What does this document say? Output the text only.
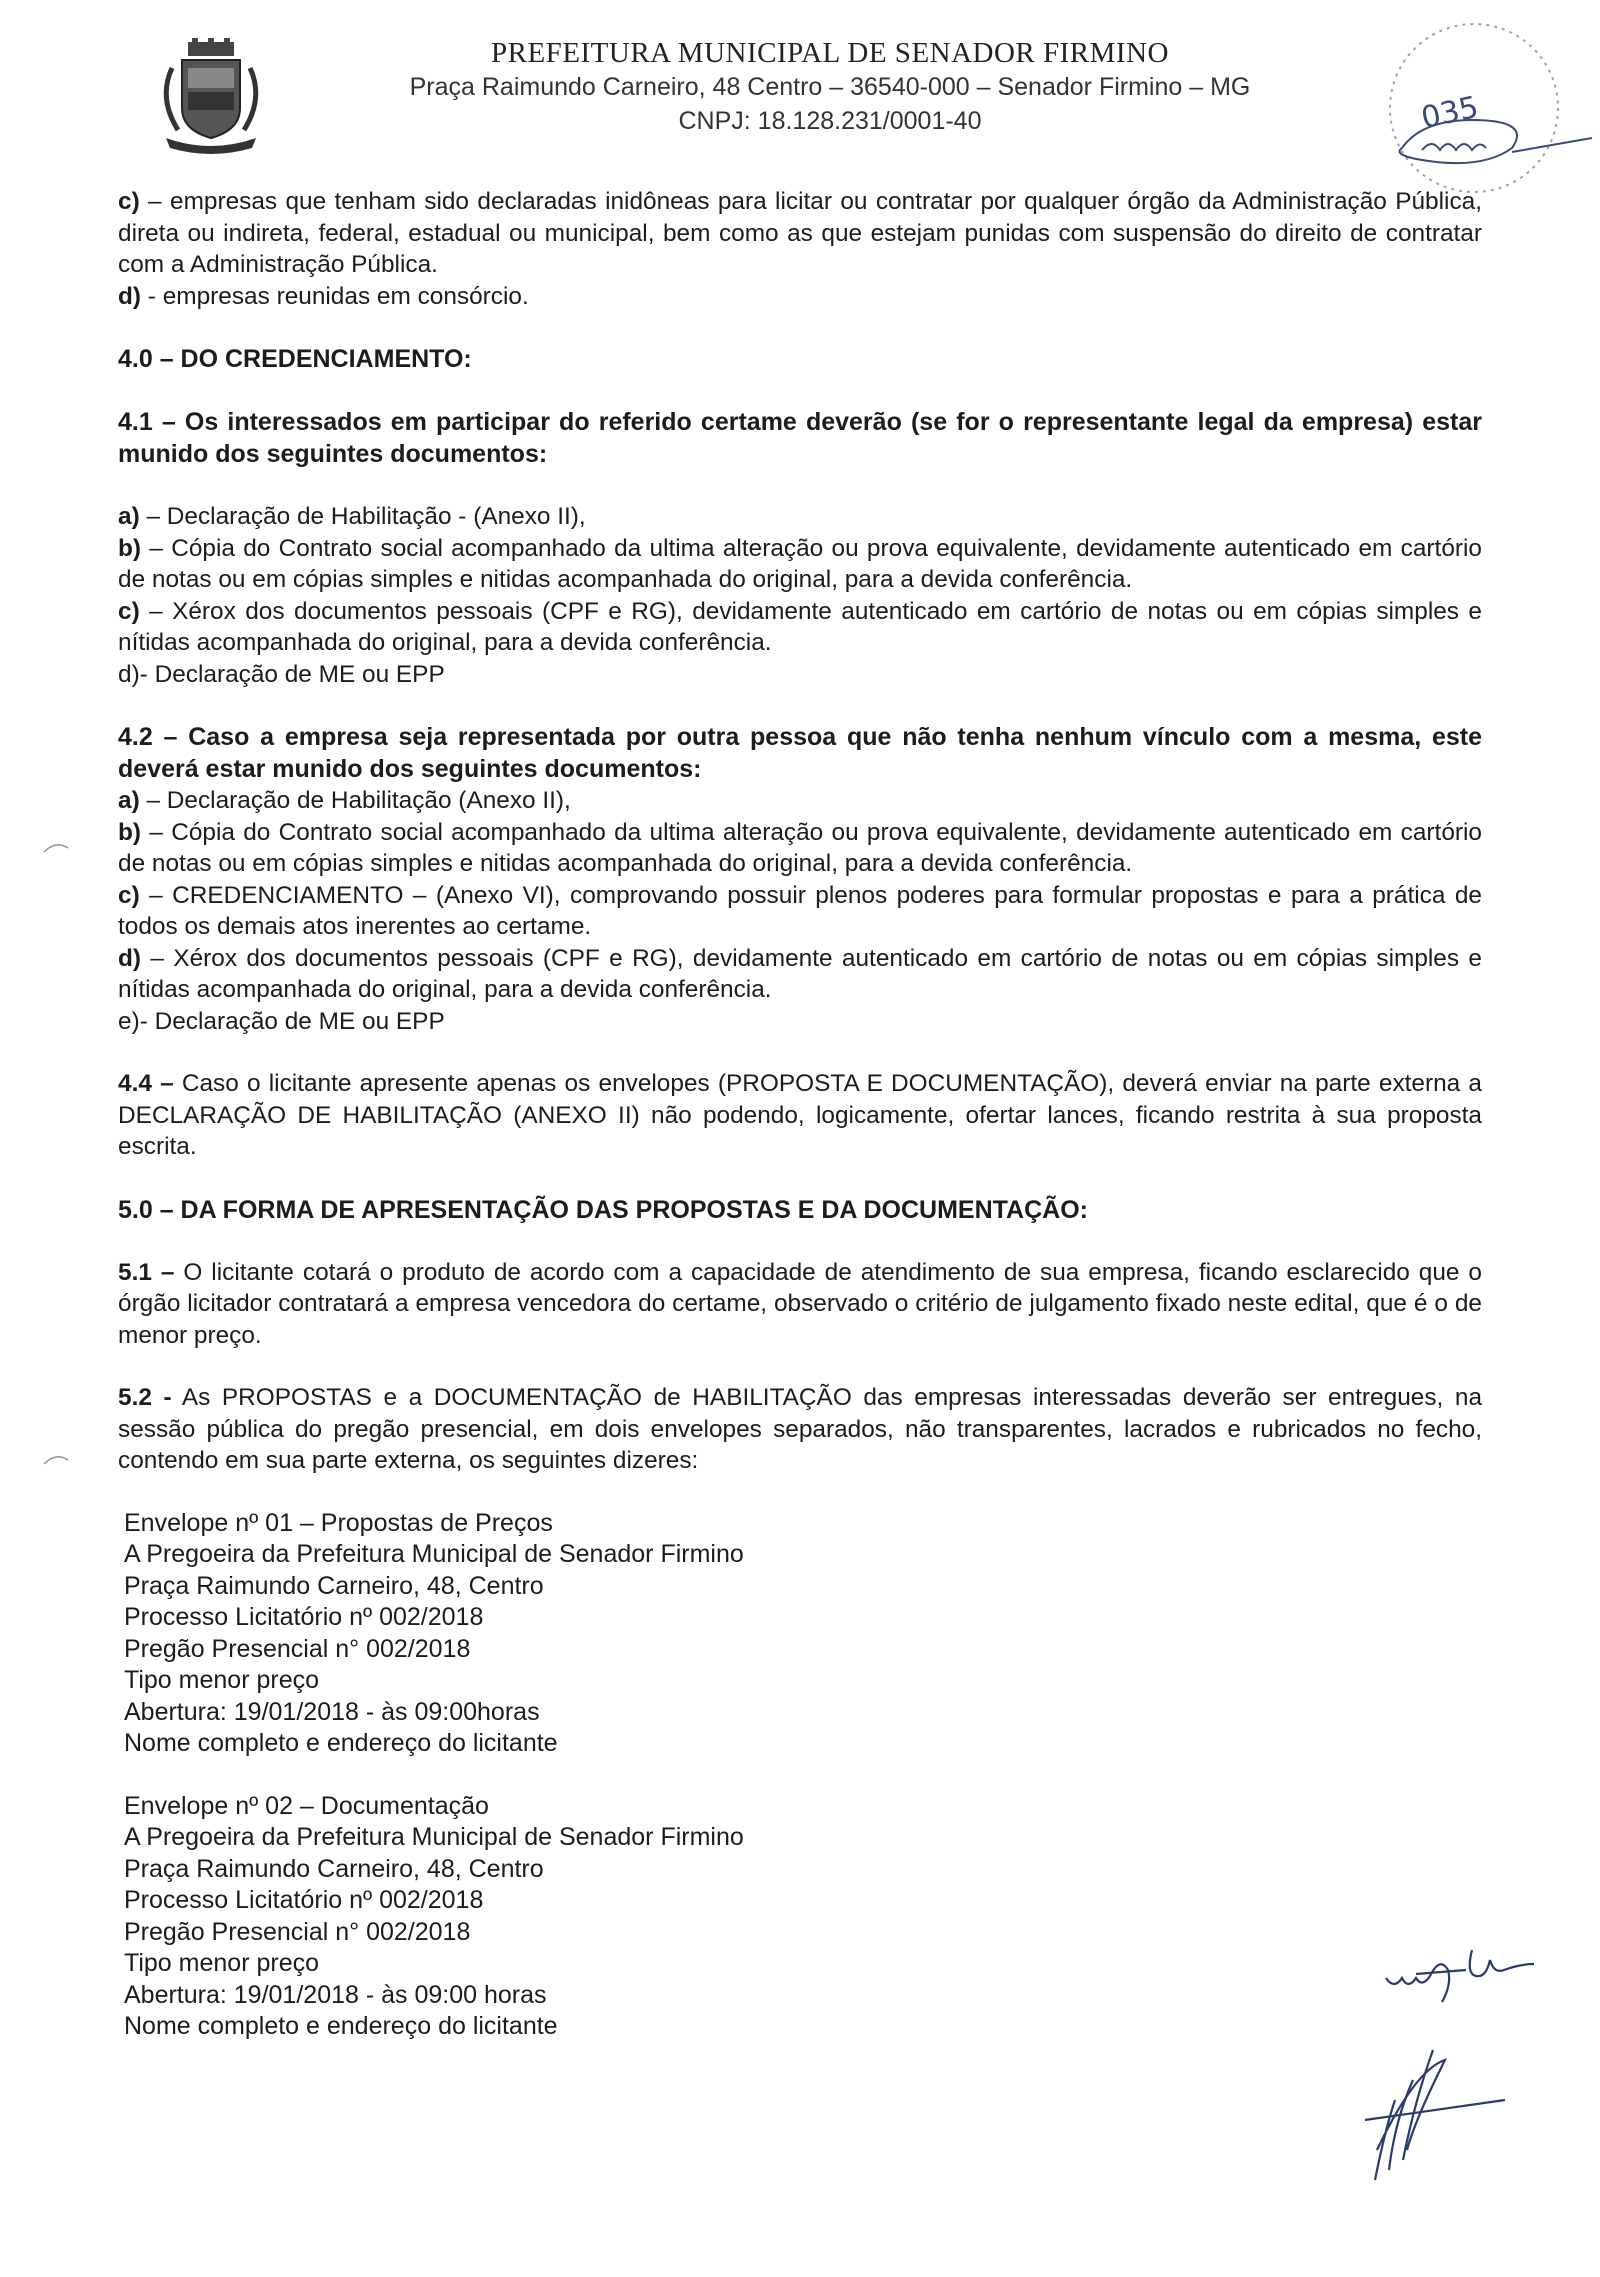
PREFEITURA MUNICIPAL DE SENADOR FIRMINO
Praça Raimundo Carneiro, 48 Centro – 36540-000 – Senador Firmino – MG
CNPJ: 18.128.231/0001-40	035

c) – empresas que tenham sido declaradas inidôneas para licitar ou contratar por qualquer órgão da Administração Pública, direta ou indireta, federal, estadual ou municipal, bem como as que estejam punidas com suspensão do direito de contratar com a Administração Pública.

d) - empresas reunidas em consórcio.

4.0 – DO CREDENCIAMENTO:

4.1 – Os interessados em participar do referido certame deverão (se for o representante legal da empresa) estar munido dos seguintes documentos:

a) – Declaração de Habilitação - (Anexo II),

b) – Cópia do Contrato social acompanhado da ultima alteração ou prova equivalente, devidamente autenticado em cartório de notas ou em cópias simples e nitidas acompanhada do original, para a devida conferência.

c) – Xérox dos documentos pessoais (CPF e RG), devidamente autenticado em cartório de notas ou em cópias simples e nítidas acompanhada do original, para a devida conferência.

d)- Declaração de ME ou EPP

4.2 – Caso a empresa seja representada por outra pessoa que não tenha nenhum vínculo com a mesma, este deverá estar munido dos seguintes documentos:

a) – Declaração de Habilitação (Anexo II),

b) – Cópia do Contrato social acompanhado da ultima alteração ou prova equivalente, devidamente autenticado em cartório de notas ou em cópias simples e nitidas acompanhada do original, para a devida conferência.

c) – CREDENCIAMENTO – (Anexo VI), comprovando possuir plenos poderes para formular propostas e para a prática de todos os demais atos inerentes ao certame.

d) – Xérox dos documentos pessoais (CPF e RG), devidamente autenticado em cartório de notas ou em cópias simples e nítidas acompanhada do original, para a devida conferência.

e)- Declaração de ME ou EPP

4.4 – Caso o licitante apresente apenas os envelopes (PROPOSTA E DOCUMENTAÇÃO), deverá enviar na parte externa a DECLARAÇÃO DE HABILITAÇÃO (ANEXO II) não podendo, logicamente, ofertar lances, ficando restrita à sua proposta escrita.

5.0 – DA FORMA DE APRESENTAÇÃO DAS PROPOSTAS E DA DOCUMENTAÇÃO:

5.1 – O licitante cotará o produto de acordo com a capacidade de atendimento de sua empresa, ficando esclarecido que o órgão licitador contratará a empresa vencedora do certame, observado o critério de julgamento fixado neste edital, que é o de menor preço.

5.2 - As PROPOSTAS e a DOCUMENTAÇÃO de HABILITAÇÃO das empresas interessadas deverão ser entregues, na sessão pública do pregão presencial, em dois envelopes separados, não transparentes, lacrados e rubricados no fecho, contendo em sua parte externa, os seguintes dizeres:

Envelope nº 01 – Propostas de Preços

A Pregoeira da Prefeitura Municipal de Senador Firmino

Praça Raimundo Carneiro, 48, Centro

Processo Licitatório nº 002/2018

Pregão Presencial n° 002/2018

Tipo menor preço

Abertura: 19/01/2018 - às 09:00horas

Nome completo e endereço do licitante

Envelope nº 02 – Documentação

A Pregoeira da Prefeitura Municipal de Senador Firmino

Praça Raimundo Carneiro, 48, Centro

Processo Licitatório nº 002/2018

Pregão Presencial n° 002/2018

Tipo menor preço

Abertura: 19/01/2018 - às 09:00 horas

Nome completo e endereço do licitante
